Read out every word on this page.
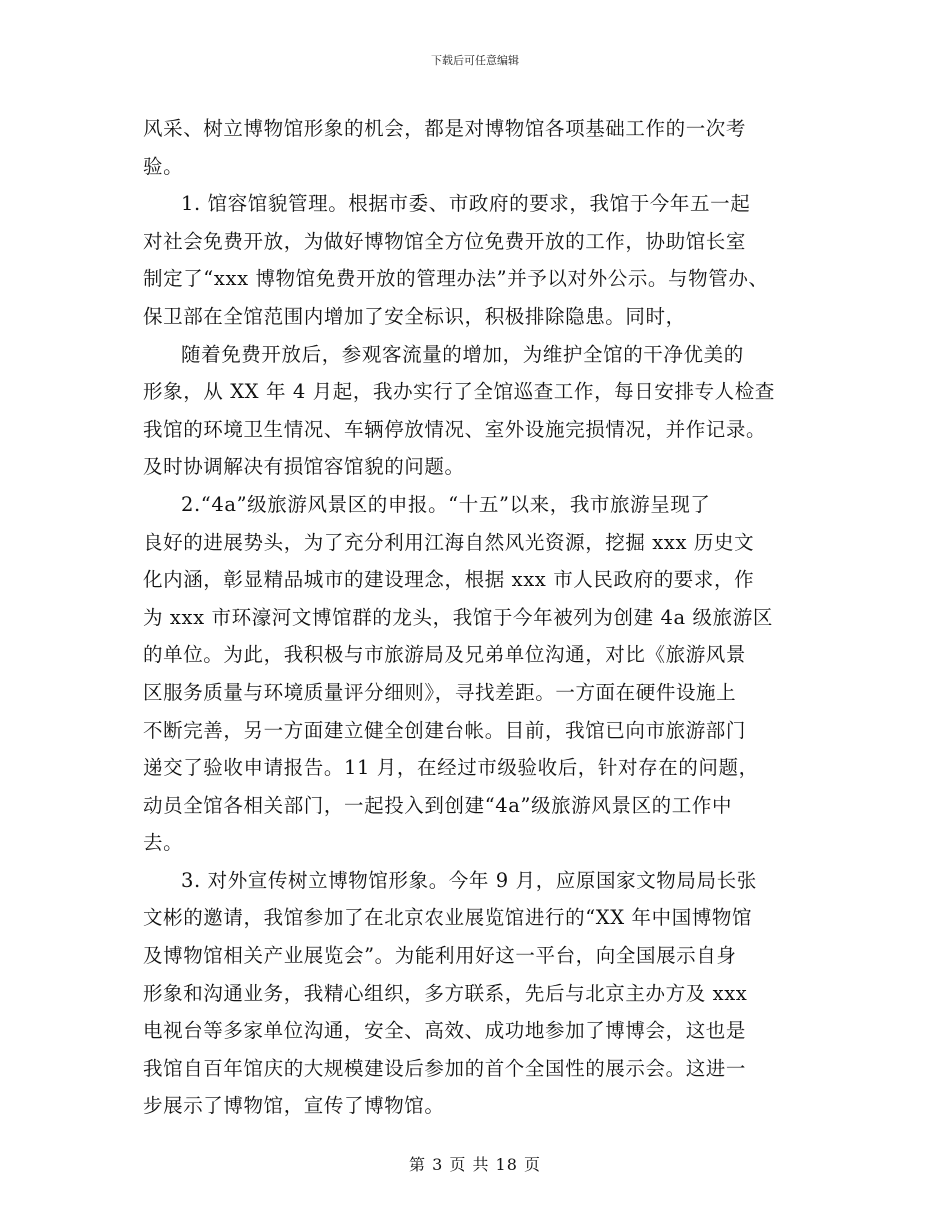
下载后可任意编辑
风采、树立博物馆形象的机会，都是对博物馆各项基础工作的一次考
验。
1. 馆容馆貌管理。根据市委、市政府的要求，我馆于今年五一起
对社会免费开放，为做好博物馆全方位免费开放的工作，协助馆长室
制定了“xxx 博物馆免费开放的管理办法”并予以对外公示。与物管办、
保卫部在全馆范围内增加了安全标识，积极排除隐患。同时，
随着免费开放后，参观客流量的增加，为维护全馆的干净优美的
形象，从 XX 年 4 月起，我办实行了全馆巡查工作，每日安排专人检查
我馆的环境卫生情况、车辆停放情况、室外设施完损情况，并作记录。
及时协调解决有损馆容馆貌的问题。
2.“4a”级旅游风景区的申报。“十五”以来，我市旅游呈现了
良好的进展势头，为了充分利用江海自然风光资源，挖掘 xxx 历史文
化内涵，彰显精品城市的建设理念，根据 xxx 市人民政府的要求，作
为 xxx 市环濠河文博馆群的龙头，我馆于今年被列为创建 4a 级旅游区
的单位。为此，我积极与市旅游局及兄弟单位沟通，对比《旅游风景
区服务质量与环境质量评分细则》，寻找差距。一方面在硬件设施上
不断完善，另一方面建立健全创建台帐。目前，我馆已向市旅游部门
递交了验收申请报告。11 月，在经过市级验收后，针对存在的问题，
动员全馆各相关部门，一起投入到创建“4a”级旅游风景区的工作中
去。
3. 对外宣传树立博物馆形象。今年 9 月，应原国家文物局局长张
文彬的邀请，我馆参加了在北京农业展览馆进行的“XX 年中国博物馆
及博物馆相关产业展览会”。为能利用好这一平台，向全国展示自身
形象和沟通业务，我精心组织，多方联系，先后与北京主办方及 xxx
电视台等多家单位沟通，安全、高效、成功地参加了博博会，这也是
我馆自百年馆庆的大规模建设后参加的首个全国性的展示会。这进一
步展示了博物馆，宣传了博物馆。
第 3 页 共 18 页
